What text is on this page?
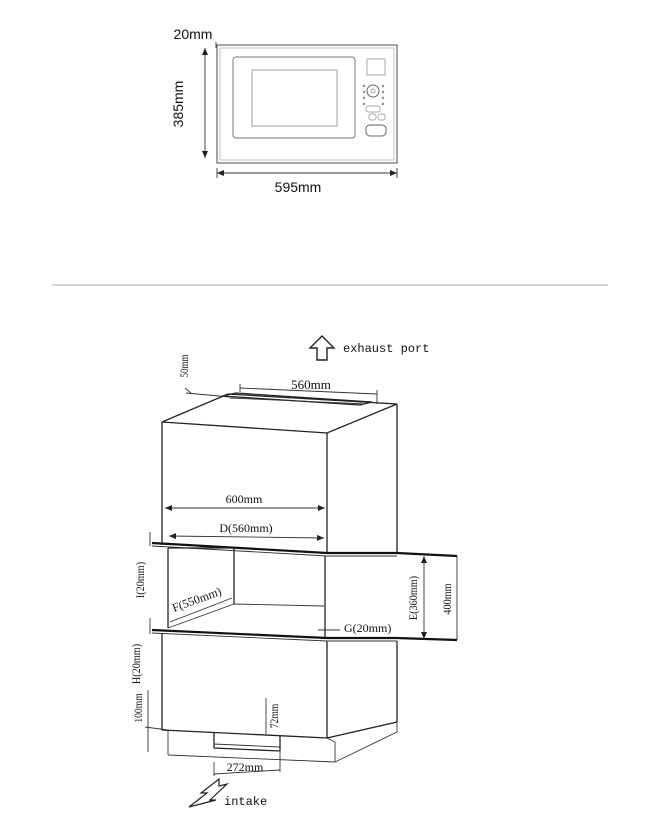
20mm
385mm
595mm
exhaust port
50mm
560mm
600mm
D(560mm)
F(550mm)
I(20mm)
H(20mm)
G(20mm)
E(360mm) 400mm
100mm	72mm
272mm
intake
